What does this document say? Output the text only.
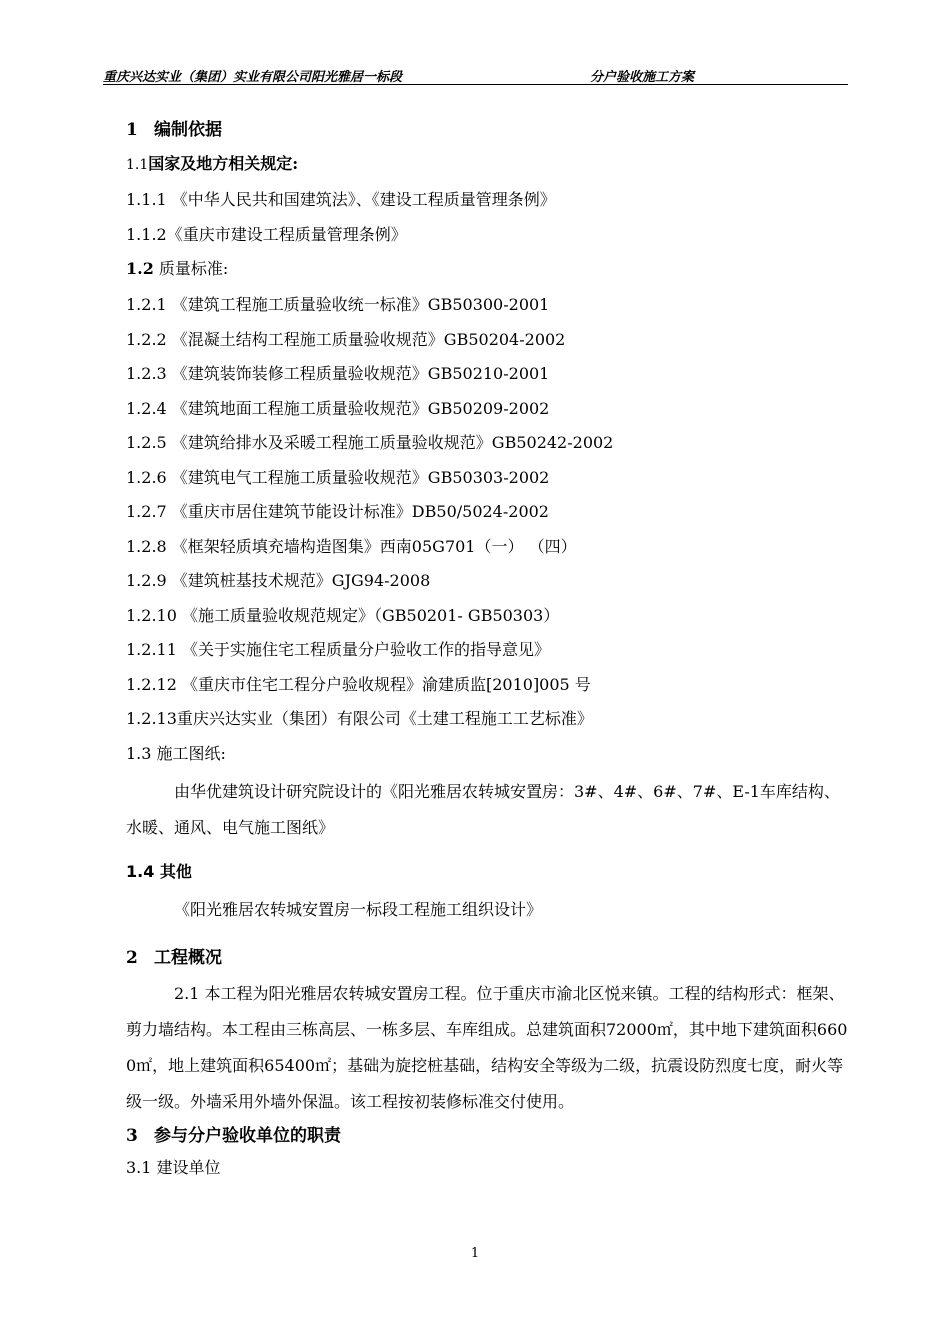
重庆兴达实业（集团）实业有限公司阳光雅居一标段	分户验收施工方案
1 编制依据
1.1国家及地方相关规定:
1.1.1 《中华人民共和国建筑法》、《建设工程质量管理条例》
1.1.2《重庆市建设工程质量管理条例》
1.2 质量标准:
1.2.1 《建筑工程施工质量验收统一标准》GB50300-2001
1.2.2 《混凝土结构工程施工质量验收规范》GB50204-2002
1.2.3 《建筑装饰装修工程质量验收规范》GB50210-2001
1.2.4 《建筑地面工程施工质量验收规范》GB50209-2002
1.2.5 《建筑给排水及采暖工程施工质量验收规范》GB50242-2002
1.2.6 《建筑电气工程施工质量验收规范》GB50303-2002
1.2.7 《重庆市居住建筑节能设计标准》DB50/5024-2002
1.2.8 《框架轻质填充墙构造图集》西南05G701（一） （四）
1.2.9 《建筑桩基技术规范》GJG94-2008
1.2.10 《施工质量验收规范规定》（GB50201- GB50303）
1.2.11 《关于实施住宅工程质量分户验收工作的指导意见》
1.2.12 《重庆市住宅工程分户验收规程》渝建质监[2010]005 号
1.2.13重庆兴达实业（集团）有限公司《土建工程施工工艺标准》
1.3 施工图纸:

由华优建筑设计研究院设计的《阳光雅居农转城安置房：3#、4#、6#、7#、E-1车库结构、水暖、通风、电气施工图纸》

1.4 其他
《阳光雅居农转城安置房一标段工程施工组织设计》
2 工程概况

2.1 本工程为阳光雅居农转城安置房工程。位于重庆市渝北区悦来镇。工程的结构形式：框架、剪力墙结构。本工程由三栋高层、一栋多层、车库组成。总建筑面积72000㎡，其中地下建筑面积6600㎡，地上建筑面积65400㎡；基础为旋挖桩基础，结构安全等级为二级，抗震设防烈度七度，耐火等级一级。外墙采用外墙外保温。该工程按初装修标准交付使用。

3 参与分户验收单位的职责
3.1 建设单位
1
